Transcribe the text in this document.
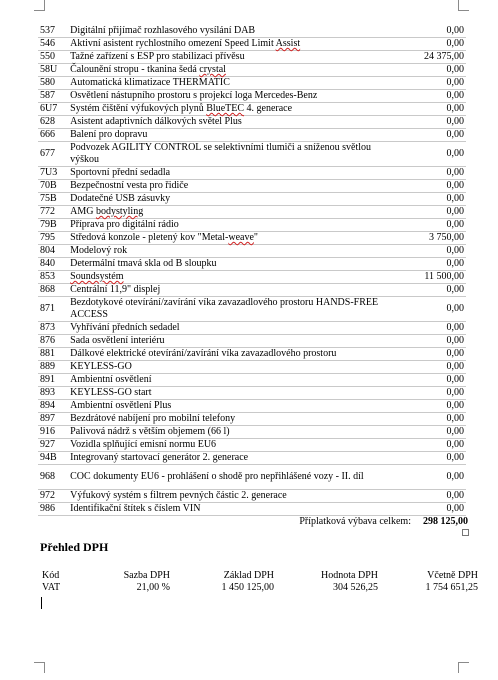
537	Digitální přijímač rozhlasového vysílání DAB	0,00
546	Aktivní asistent rychlostního omezení Speed Limit Assist	0,00
550	Tažné zařízení s ESP pro stabilizaci přívěsu	24 375,00
58U	Čalounění stropu - tkanina šedá crystal	0,00
580	Automatická klimatizace THERMATIC	0,00
587	Osvětlení nástupního prostoru s projekcí loga Mercedes-Benz	0,00
6U7	Systém čištění výfukových plynů BlueTEC 4. generace	0,00
628	Asistent adaptivních dálkových světel Plus	0,00
666	Balení pro dopravu	0,00
677	Podvozek AGILITY CONTROL se selektivními tlumiči a sníženou světlou výškou	0,00
7U3	Sportovní přední sedadla	0,00
70B	Bezpečnostní vesta pro řidiče	0,00
75B	Dodatečné USB zásuvky	0,00
772	AMG bodystyling	0,00
79B	Příprava pro digitální rádio	0,00
795	Středová konzole - pletený kov "Metal-weave"	3 750,00
804	Modelový rok	0,00
840	Determální tmavá skla od B sloupku	0,00
853	Soundsystém	11 500,00
868	Centrální 11,9" displej	0,00
871	Bezdotykové otevírání/zavírání víka zavazadlového prostoru HANDS-FREE ACCESS	0,00
873	Vyhřívání předních sedadel	0,00
876	Sada osvětlení interiéru	0,00
881	Dálkové elektrické otevírání/zavírání víka zavazadlového prostoru	0,00
889	KEYLESS-GO	0,00
891	Ambientní osvětlení	0,00
893	KEYLESS-GO start	0,00
894	Ambientní osvětlení Plus	0,00
897	Bezdrátové nabíjení pro mobilní telefony	0,00
916	Palivová nádrž s větším objemem (66 l)	0,00
927	Vozidla splňující emisní normu EU6	0,00
94B	Integrovaný startovací generátor 2. generace	0,00
968	COC dokumenty EU6 - prohlášení o shodě pro nepřihlášené vozy - II. díl	0,00
972	Výfukový systém s filtrem pevných částic 2. generace	0,00
986	Identifikační štítek s číslem VIN	0,00
Příplatková výbava celkem: 298 125,00
Přehled DPH
Kód	Sazba DPH	Základ DPH	Hodnota DPH	Včetně DPH
VAT	21,00 %	1 450 125,00	304 526,25	1 754 651,25
